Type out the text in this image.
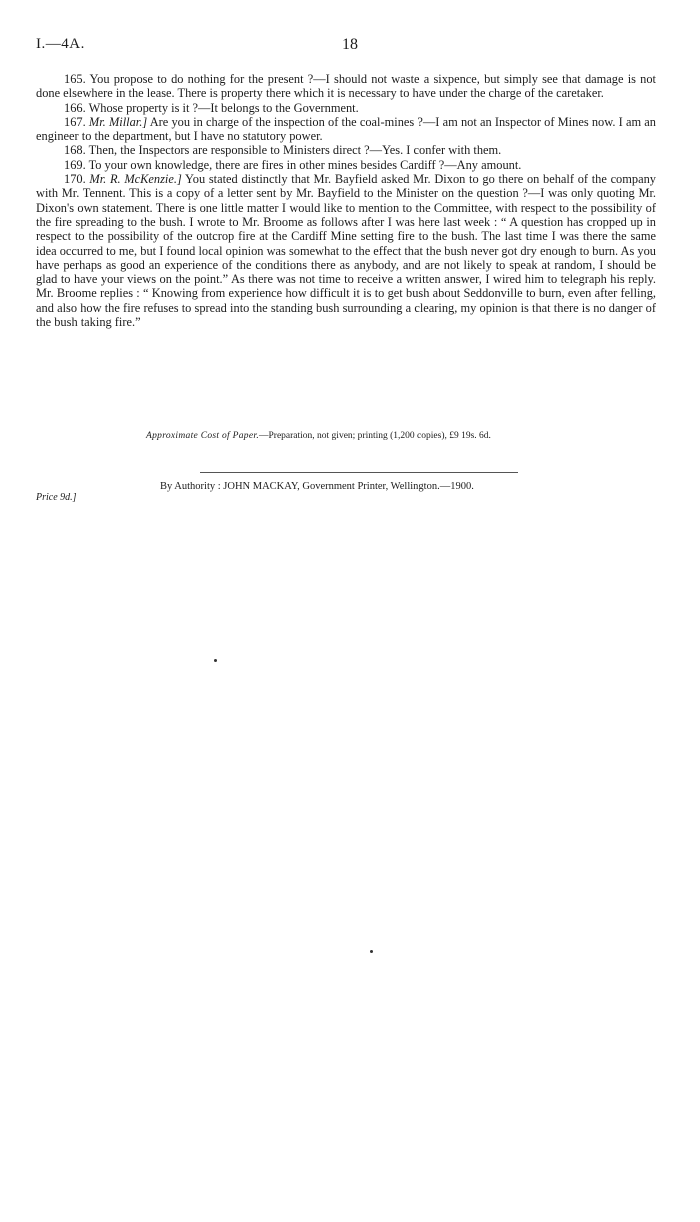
I.—4A.	18

165. You propose to do nothing for the present ?—I should not waste a sixpence, but simply see that damage is not done elsewhere in the lease. There is property there which it is necessary to have under the charge of the caretaker.

166. Whose property is it ?—It belongs to the Government.

167. Mr. Millar.] Are you in charge of the inspection of the coal-mines ?—I am not an Inspector of Mines now. I am an engineer to the department, but I have no statutory power.

168. Then, the Inspectors are responsible to Ministers direct ?—Yes. I confer with them.

169. To your own knowledge, there are fires in other mines besides Cardiff ?—Any amount.

170. Mr. R. McKenzie.] You stated distinctly that Mr. Bayfield asked Mr. Dixon to go there on behalf of the company with Mr. Tennent. This is a copy of a letter sent by Mr. Bayfield to the Minister on the question ?—I was only quoting Mr. Dixon's own statement. There is one little matter I would like to mention to the Committee, with respect to the possibility of the fire spreading to the bush. I wrote to Mr. Broome as follows after I was here last week : “ A question has cropped up in respect to the possibility of the outcrop fire at the Cardiff Mine setting fire to the bush. The last time I was there the same idea occurred to me, but I found local opinion was somewhat to the effect that the bush never got dry enough to burn. As you have perhaps as good an experience of the conditions there as anybody, and are not likely to speak at random, I should be glad to have your views on the point.” As there was not time to receive a written answer, I wired him to telegraph his reply. Mr. Broome replies : “ Knowing from experience how difficult it is to get bush about Seddonville to burn, even after felling, and also how the fire refuses to spread into the standing bush surrounding a clearing, my opinion is that there is no danger of the bush taking fire.”

Approximate Cost of Paper.—Preparation, not given; printing (1,200 copies), £9 19s. 6d.
By Authority : JOHN MACKAY, Government Printer, Wellington.—1900.
Price 9d.]
